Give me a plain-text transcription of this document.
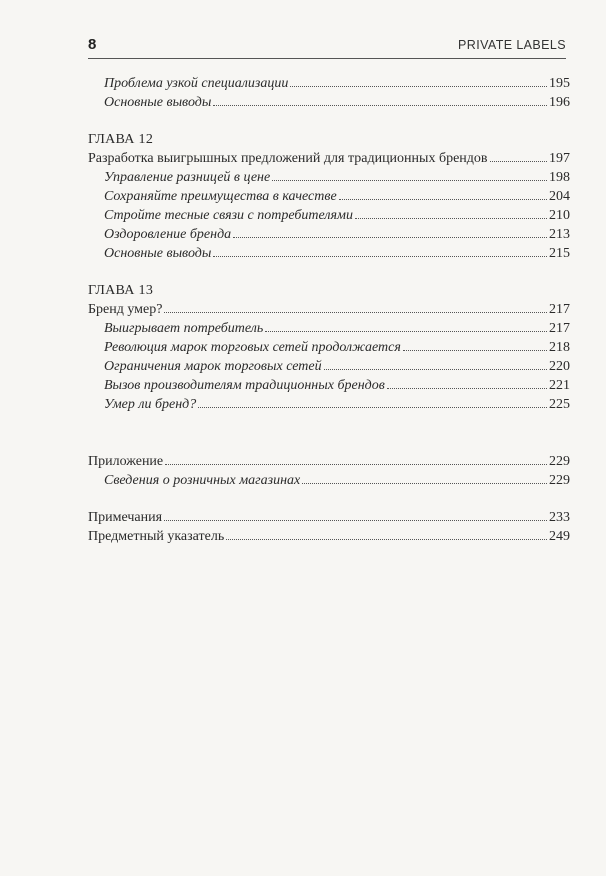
8	PRIVATE LABELS
Проблема узкой специализации	195
Основные выводы	196
ГЛАВА 12
Разработка выигрышных предложений для традиционных брендов	197
Управление разницей в цене	198
Сохраняйте преимущества в качестве	204
Стройте тесные связи с потребителями	210
Оздоровление бренда	213
Основные выводы	215
ГЛАВА 13
Бренд умер?	217
Выигрывает потребитель	217
Революция марок торговых сетей продолжается	218
Ограничения марок торговых сетей	220
Вызов производителям традиционных брендов	221
Умер ли бренд?	225
Приложение	229
Сведения о розничных магазинах	229
Примечания	233
Предметный указатель	249
